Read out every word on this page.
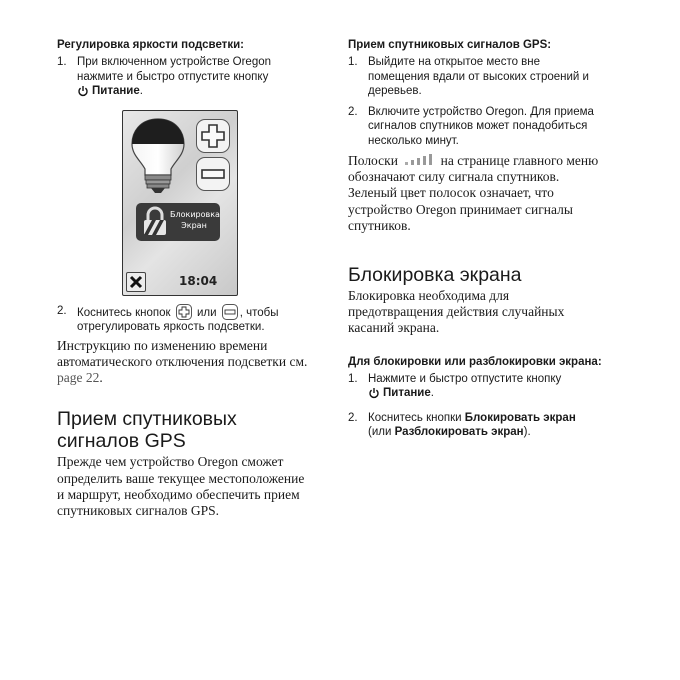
Регулировка яркости подсветки:

1. При включенном устройстве Oregon нажмите и быстро отпустите кнопку

Питание .
Блокировка
Экран
18:04
2. Коснитесь кнопок или , чтобы отрегулировать яркость подсветки.

Инструкцию по изменению времени автоматического отключения подсветки см. page 22.

Прием спутниковых
сигналов GPS

Прежде чем устройство Oregon сможет определить ваше текущее местоположение и маршрут, необходимо обеспечить прием спутниковых сигналов GPS.

Прием спутниковых сигналов GPS:

1. Выйдите на открытое место вне помещения вдали от высоких строений и деревьев.
2. Включите устройство Oregon. Для приема сигналов спутников может понадобиться несколько минут.

Полоски	на странице главного меню обозначают силу сигнала спутников. Зеленый цвет полосок означает, что устройство Oregon принимает сигналы спутников.

Блокировка экрана

Блокировка необходима для предотвращения действия случайных касаний экрана.

Для блокировки или разблокировки экрана:

1. Нажмите и быстро отпустите кнопку

Питание .
2. Коснитесь кнопки Блокировать экран
(или Разблокировать экран).
